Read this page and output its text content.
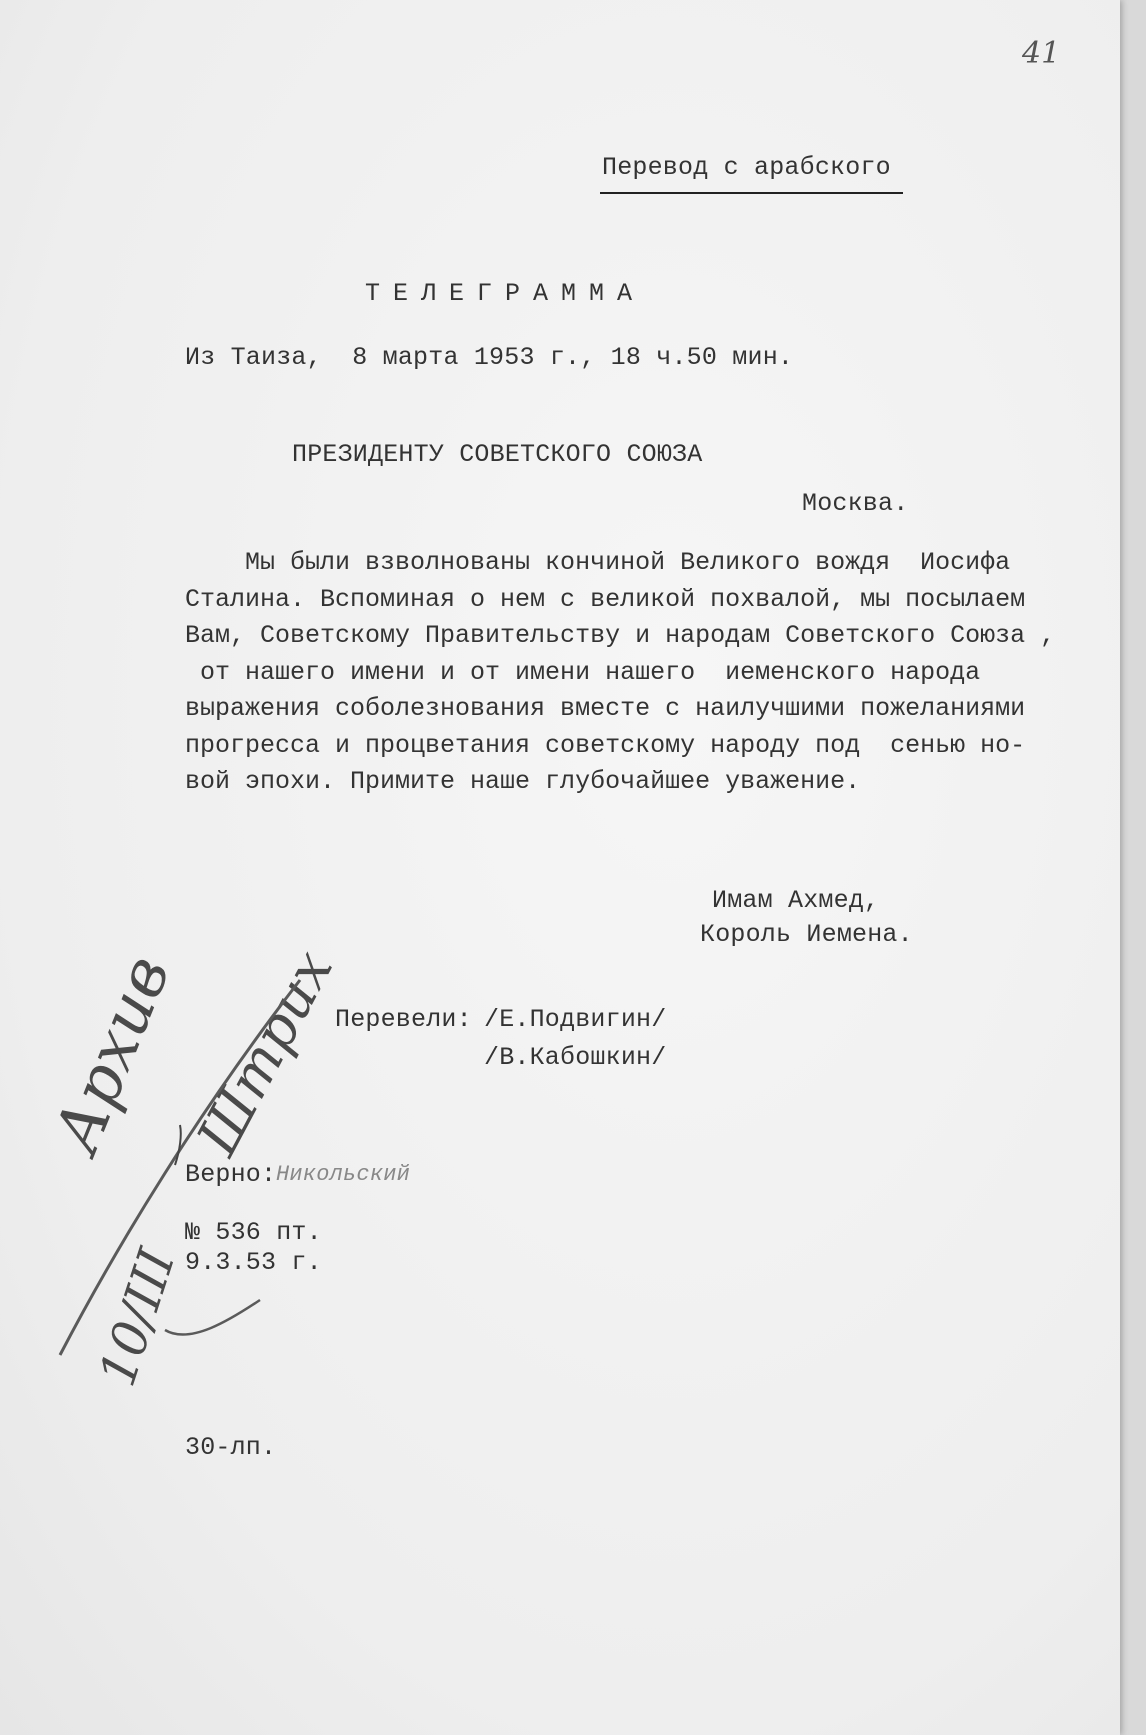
41
Перевод с арабского
ТЕЛЕГРАММА
Из Таиза,  8 марта 1953 г., 18 ч.50 мин.
ПРЕЗИДЕНТУ СОВЕТСКОГО СОЮЗА
Москва.
Мы были взволнованы кончиной Великого вождя  Иосифа
Сталина. Вспоминая о нем с великой похвалой, мы посылаем
Вам, Советскому Правительству и народам Советского Союза ,
от нашего имени и от имени нашего  иеменского народа
выражения соболезнования вместе с наилучшими пожеланиями
прогресса и процветания советскому народу под  сенью но-
вой эпохи. Примите наше глубочайшее уважение.
Имам Ахмед,
Король Иемена.
Перевели: /Е.Подвигин/
/В.Кабошкин/
Верно: Никольский
№ 536 пт.
9.3.53 г.
30-лп.
Архив Штрих
10/III
